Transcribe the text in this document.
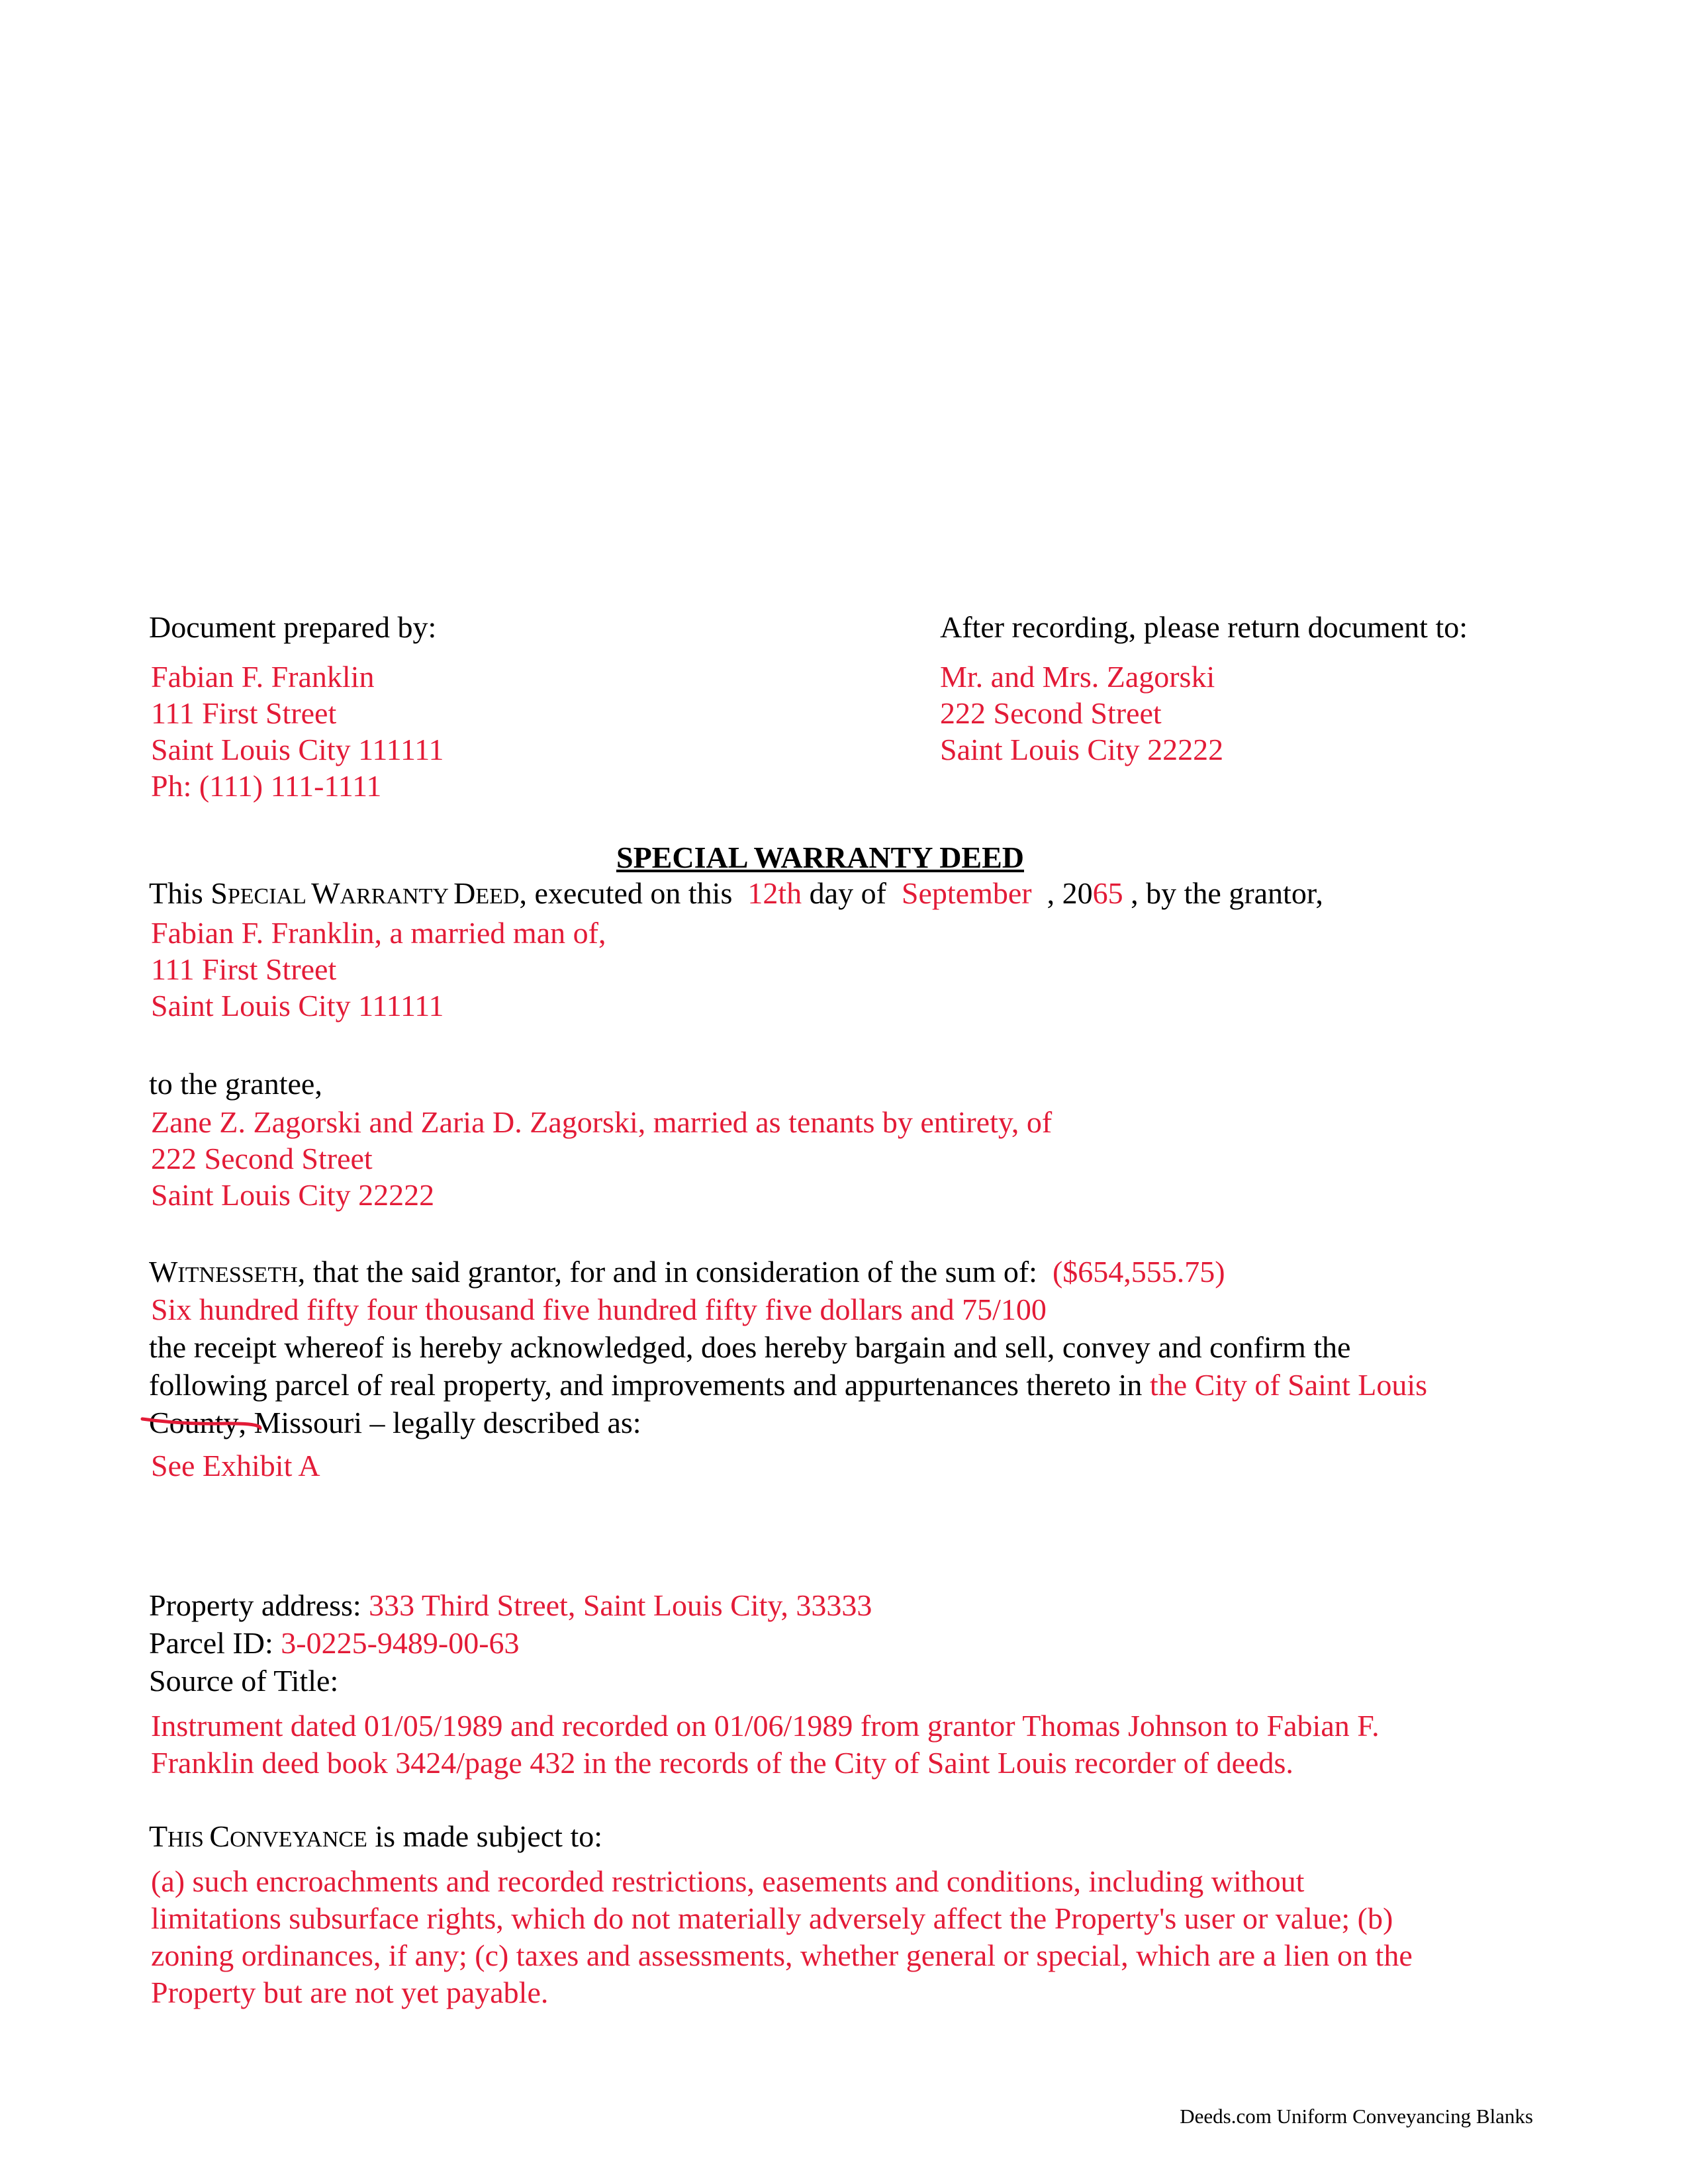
Document prepared by:
Fabian F. Franklin
111 First Street
Saint Louis City 111111
Ph: (111) 111-1111
After recording, please return document to:
Mr. and Mrs. Zagorski
222 Second Street
Saint Louis City 22222
SPECIAL WARRANTY DEED
This SPECIAL WARRANTY DEED, executed on this 12th day of September , 2065 , by the grantor,
Fabian F. Franklin, a married man of,
111 First Street
Saint Louis City 111111
to the grantee,
Zane Z. Zagorski and Zaria D. Zagorski, married as tenants by entirety, of
222 Second Street
Saint Louis City 22222
WITNESSETH, that the said grantor, for and in consideration of the sum of: ($654,555.75)
Six hundred fifty four thousand five hundred fifty five dollars and 75/100
the receipt whereof is hereby acknowledged, does hereby bargain and sell, convey and confirm the
following parcel of real property, and improvements and appurtenances thereto in the City of Saint Louis
County
, Missouri – legally described as:
See Exhibit A
Property address: 333 Third Street, Saint Louis City, 33333
Parcel ID: 3-0225-9489-00-63
Source of Title:
Instrument dated 01/05/1989 and recorded on 01/06/1989 from grantor Thomas Johnson to Fabian F.
Franklin deed book 3424/page 432 in the records of the City of Saint Louis recorder of deeds.
THIS CONVEYANCE is made subject to:
(a) such encroachments and recorded restrictions, easements and conditions, including without
limitations subsurface rights, which do not materially adversely affect the Property's user or value; (b)
zoning ordinances, if any; (c) taxes and assessments, whether general or special, which are a lien on the
Property but are not yet payable.
Deeds.com Uniform Conveyancing Blanks
